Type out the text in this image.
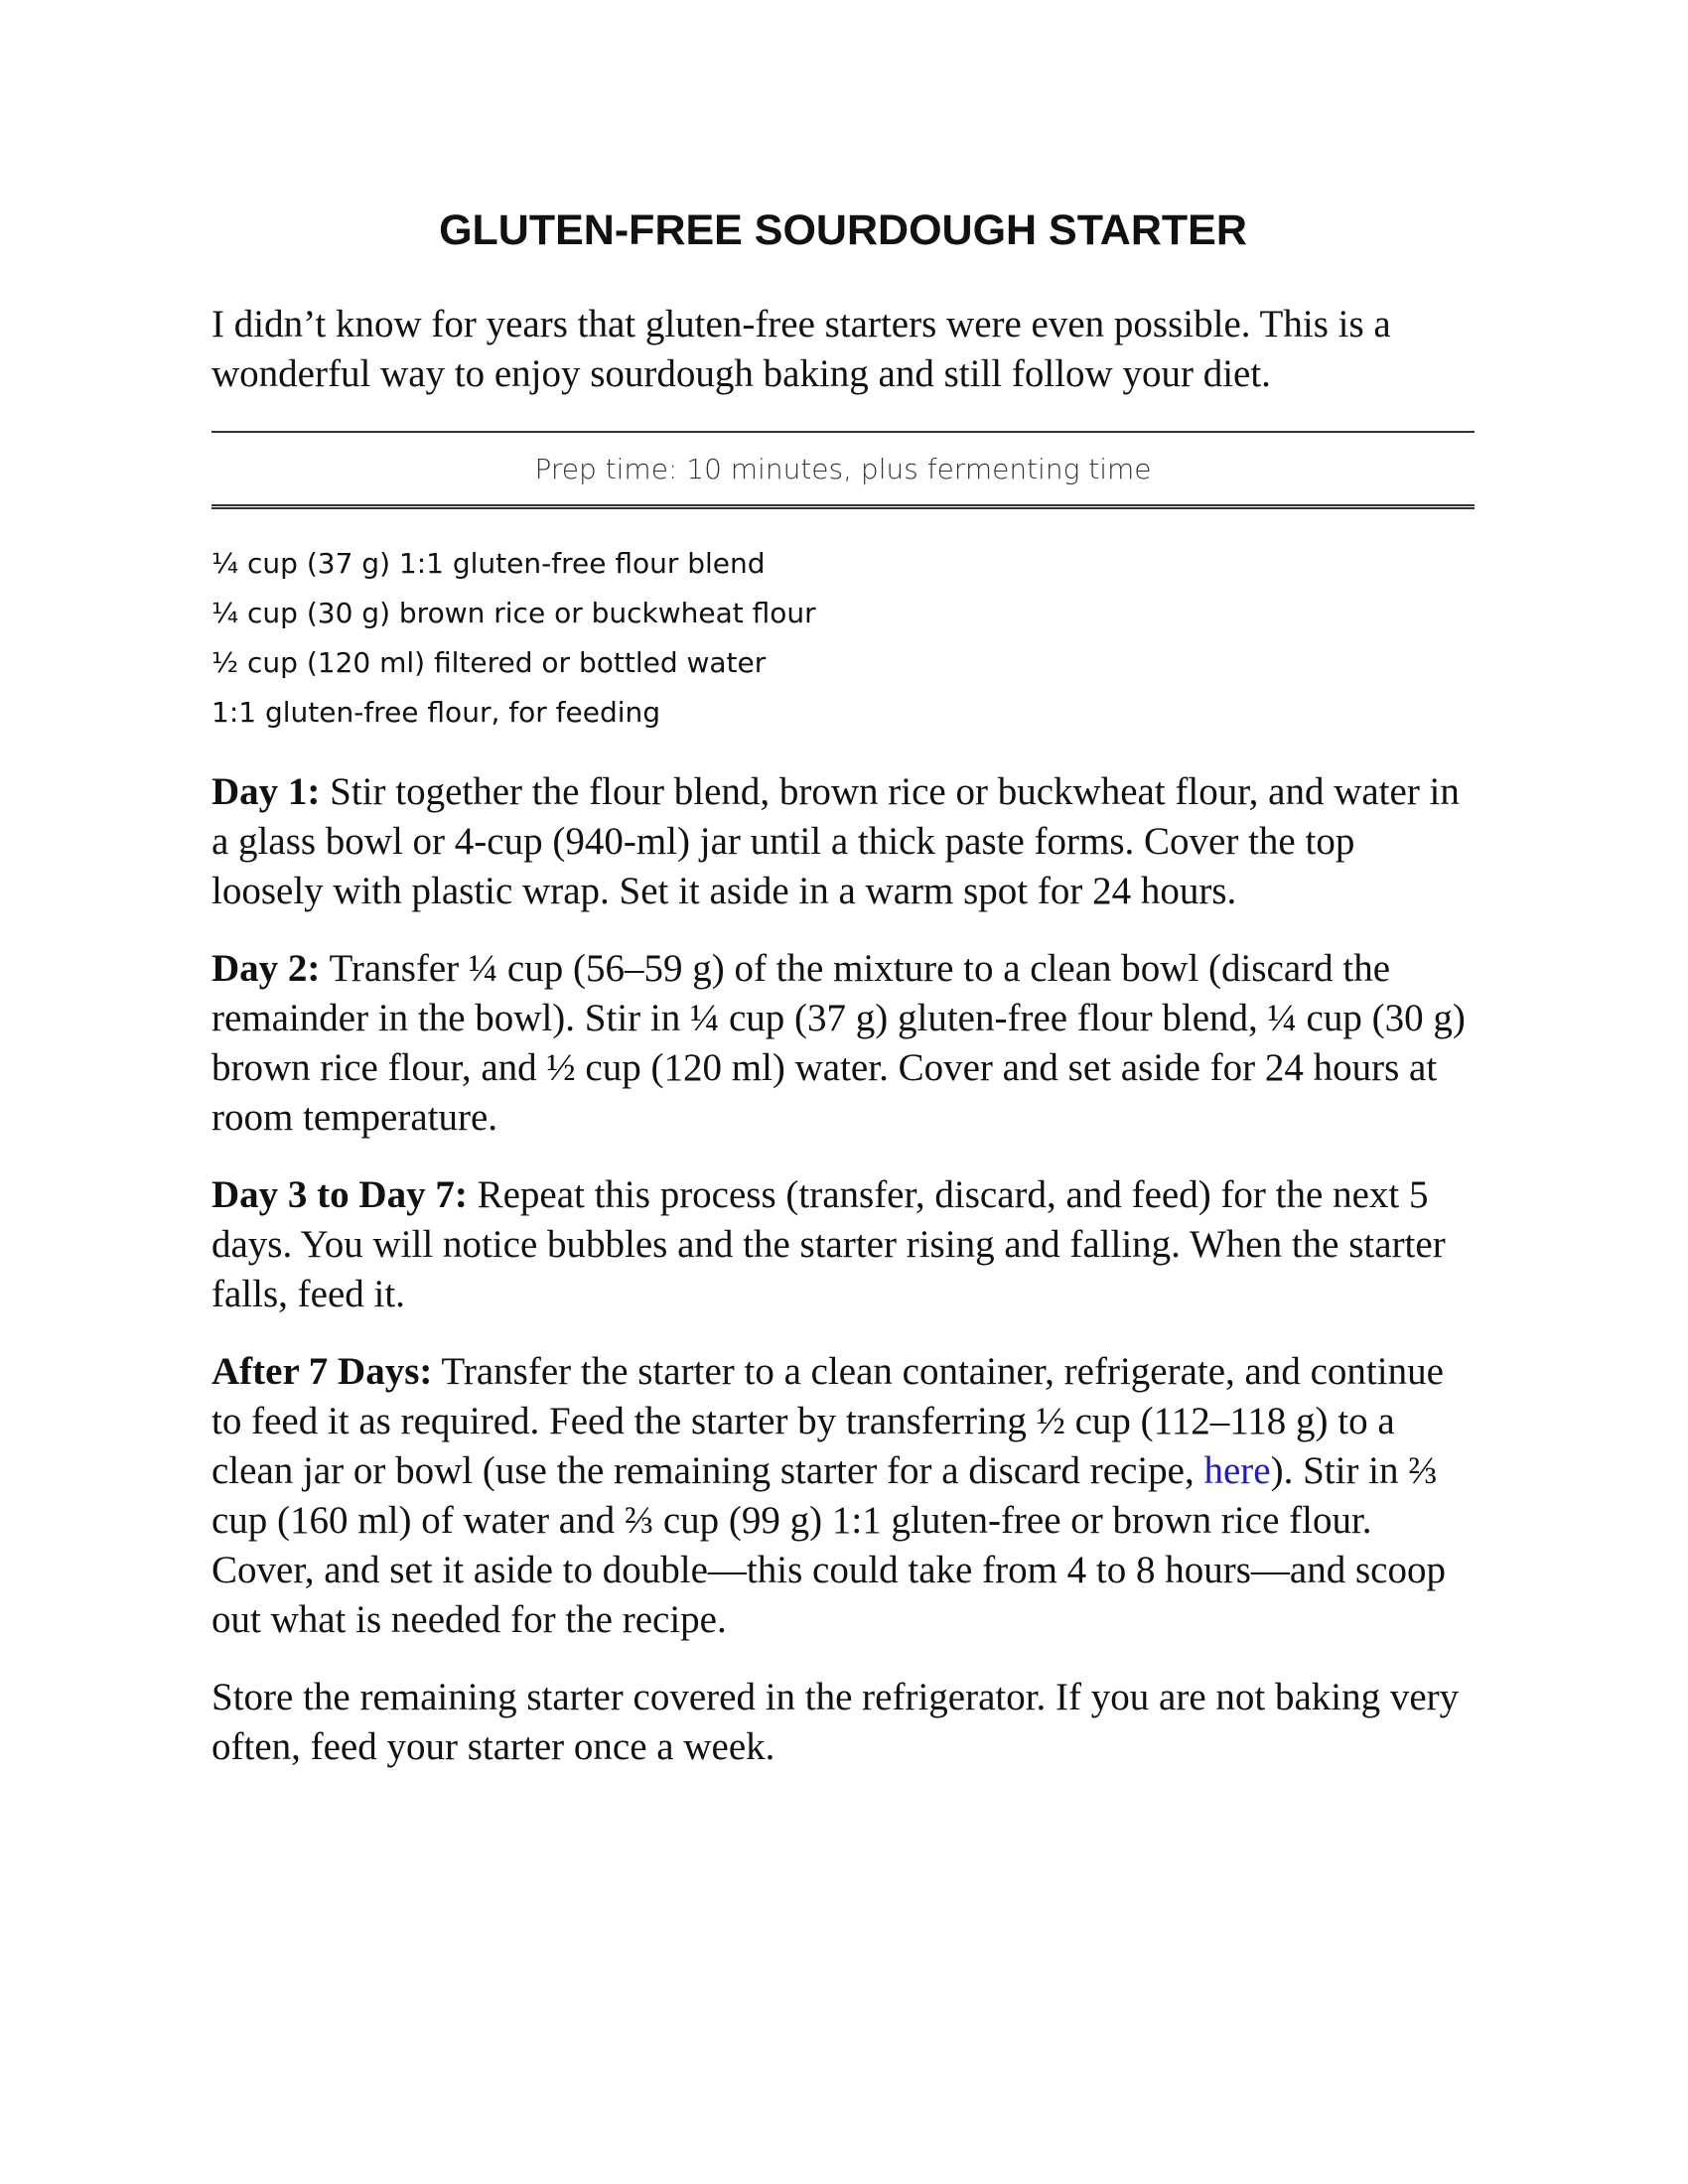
GLUTEN-FREE SOURDOUGH STARTER

I didn’t know for years that gluten-free starters were even possible. This is a wonderful way to enjoy sourdough baking and still follow your diet.

Prep time: 10 minutes, plus fermenting time
¼ cup (37 g) 1:1 gluten-free flour blend
¼ cup (30 g) brown rice or buckwheat flour
½ cup (120 ml) filtered or bottled water
1:1 gluten-free flour, for feeding

Day 1: Stir together the flour blend, brown rice or buckwheat flour, and water in a glass bowl or 4-cup (940-ml) jar until a thick paste forms. Cover the top loosely with plastic wrap. Set it aside in a warm spot for 24 hours.

Day 2: Transfer ¼ cup (56–59 g) of the mixture to a clean bowl (discard the remainder in the bowl). Stir in ¼ cup (37 g) gluten-free flour blend, ¼ cup (30 g) brown rice flour, and ½ cup (120 ml) water. Cover and set aside for 24 hours at room temperature.

Day 3 to Day 7: Repeat this process (transfer, discard, and feed) for the next 5 days. You will notice bubbles and the starter rising and falling. When the starter falls, feed it.

After 7 Days: Transfer the starter to a clean container, refrigerate, and continue to feed it as required. Feed the starter by transferring ½ cup (112–118 g) to a clean jar or bowl (use the remaining starter for a discard recipe, here). Stir in ⅔ cup (160 ml) of water and ⅔ cup (99 g) 1:1 gluten-free or brown rice flour. Cover, and set it aside to double—this could take from 4 to 8 hours—and scoop out what is needed for the recipe.

Store the remaining starter covered in the refrigerator. If you are not baking very often, feed your starter once a week.
